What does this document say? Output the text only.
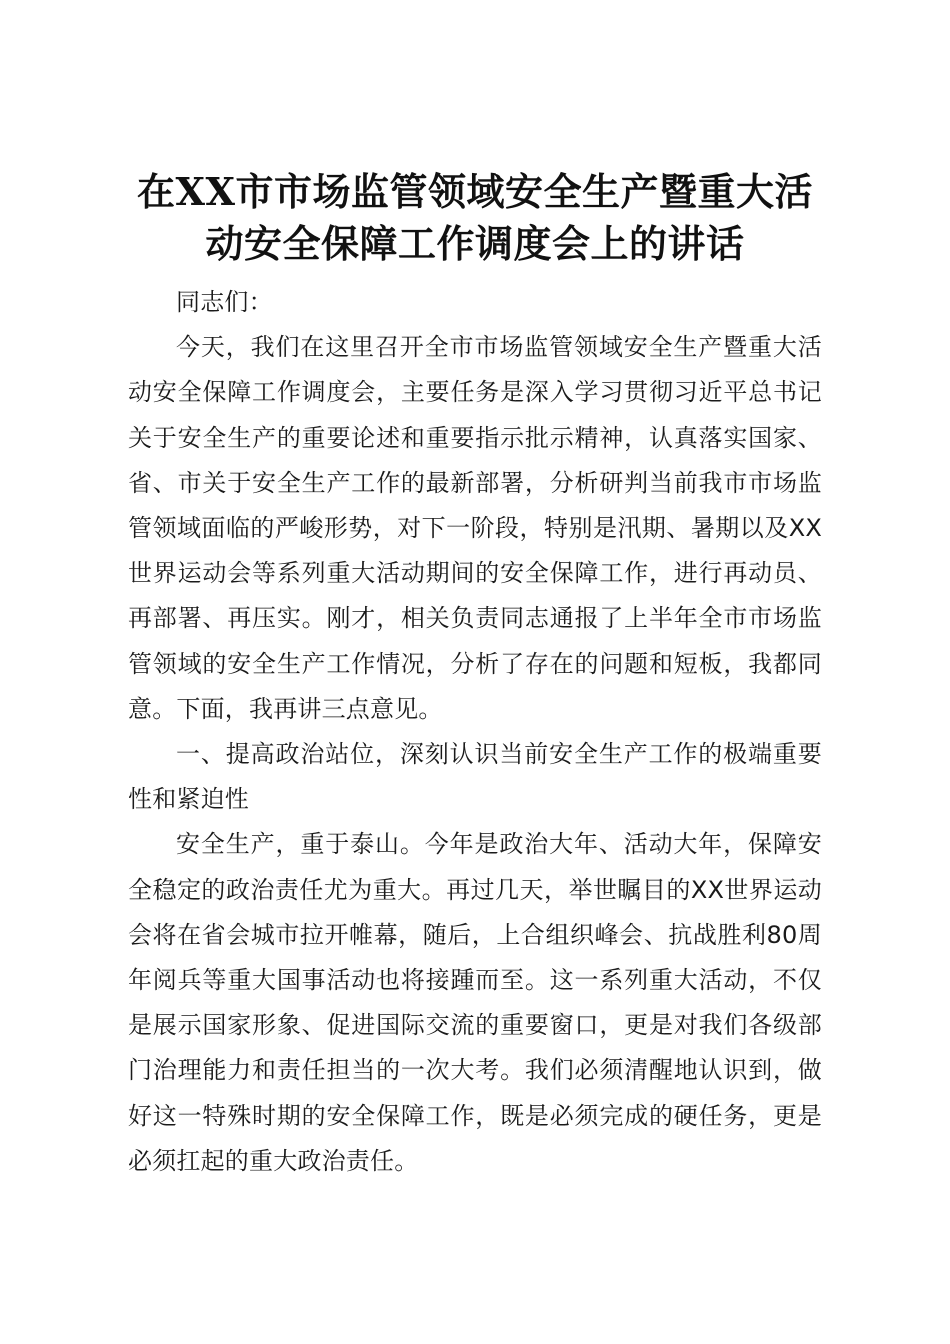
在XX市市场监管领域安全生产暨重大活动安全保障工作调度会上的讲话

同志们：

今天，我们在这里召开全市市场监管领域安全生产暨重大活动安全保障工作调度会，主要任务是深入学习贯彻习近平总书记关于安全生产的重要论述和重要指示批示精神，认真落实国家、省、市关于安全生产工作的最新部署，分析研判当前我市市场监管领域面临的严峻形势，对下一阶段，特别是汛期、暑期以及XX世界运动会等系列重大活动期间的安全保障工作，进行再动员、再部署、再压实。刚才，相关负责同志通报了上半年全市市场监管领域的安全生产工作情况，分析了存在的问题和短板，我都同意。下面，我再讲三点意见。

一、提高政治站位，深刻认识当前安全生产工作的极端重要性和紧迫性

安全生产，重于泰山。今年是政治大年、活动大年，保障安全稳定的政治责任尤为重大。再过几天，举世瞩目的XX世界运动会将在省会城市拉开帷幕，随后，上合组织峰会、抗战胜利80周年阅兵等重大国事活动也将接踵而至。这一系列重大活动，不仅是展示国家形象、促进国际交流的重要窗口，更是对我们各级部门治理能力和责任担当的一次大考。我们必须清醒地认识到，做好这一特殊时期的安全保障工作，既是必须完成的硬任务，更是必须扛起的重大政治责任。
